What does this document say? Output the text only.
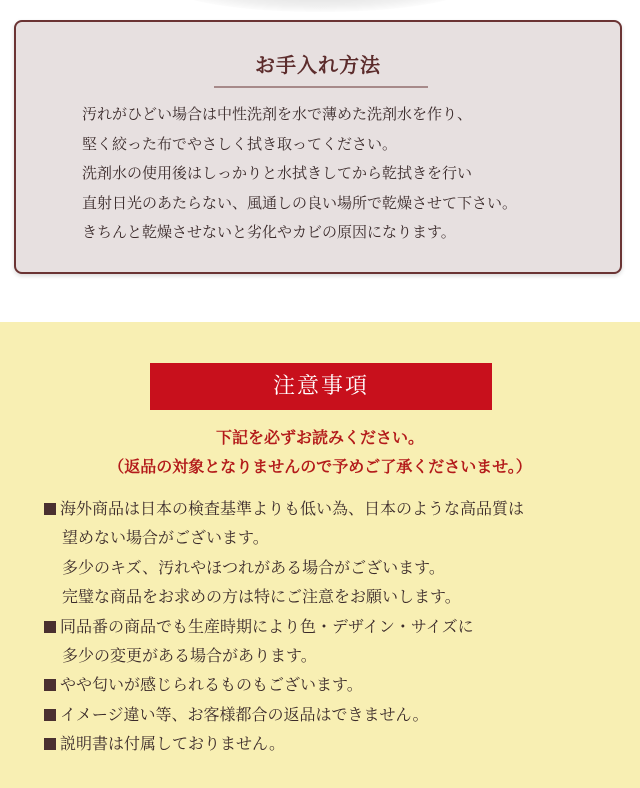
お手入れ方法
汚れがひどい場合は中性洗剤を水で薄めた洗剤水を作り、
堅く絞った布でやさしく拭き取ってください。
洗剤水の使用後はしっかりと水拭きしてから乾拭きを行い
直射日光のあたらない、風通しの良い場所で乾燥させて下さい。
きちんと乾燥させないと劣化やカビの原因になります。
注意事項
下記を必ずお読みください。
（返品の対象となりませんので予めご了承くださいませ。）
海外商品は日本の検査基準よりも低い為、日本のような高品質は
望めない場合がございます。
多少のキズ、汚れやほつれがある場合がございます。
完璧な商品をお求めの方は特にご注意をお願いします。
同品番の商品でも生産時期により色・デザイン・サイズに
多少の変更がある場合があります。
やや匂いが感じられるものもございます。
イメージ違い等、お客様都合の返品はできません。
説明書は付属しておりません。
